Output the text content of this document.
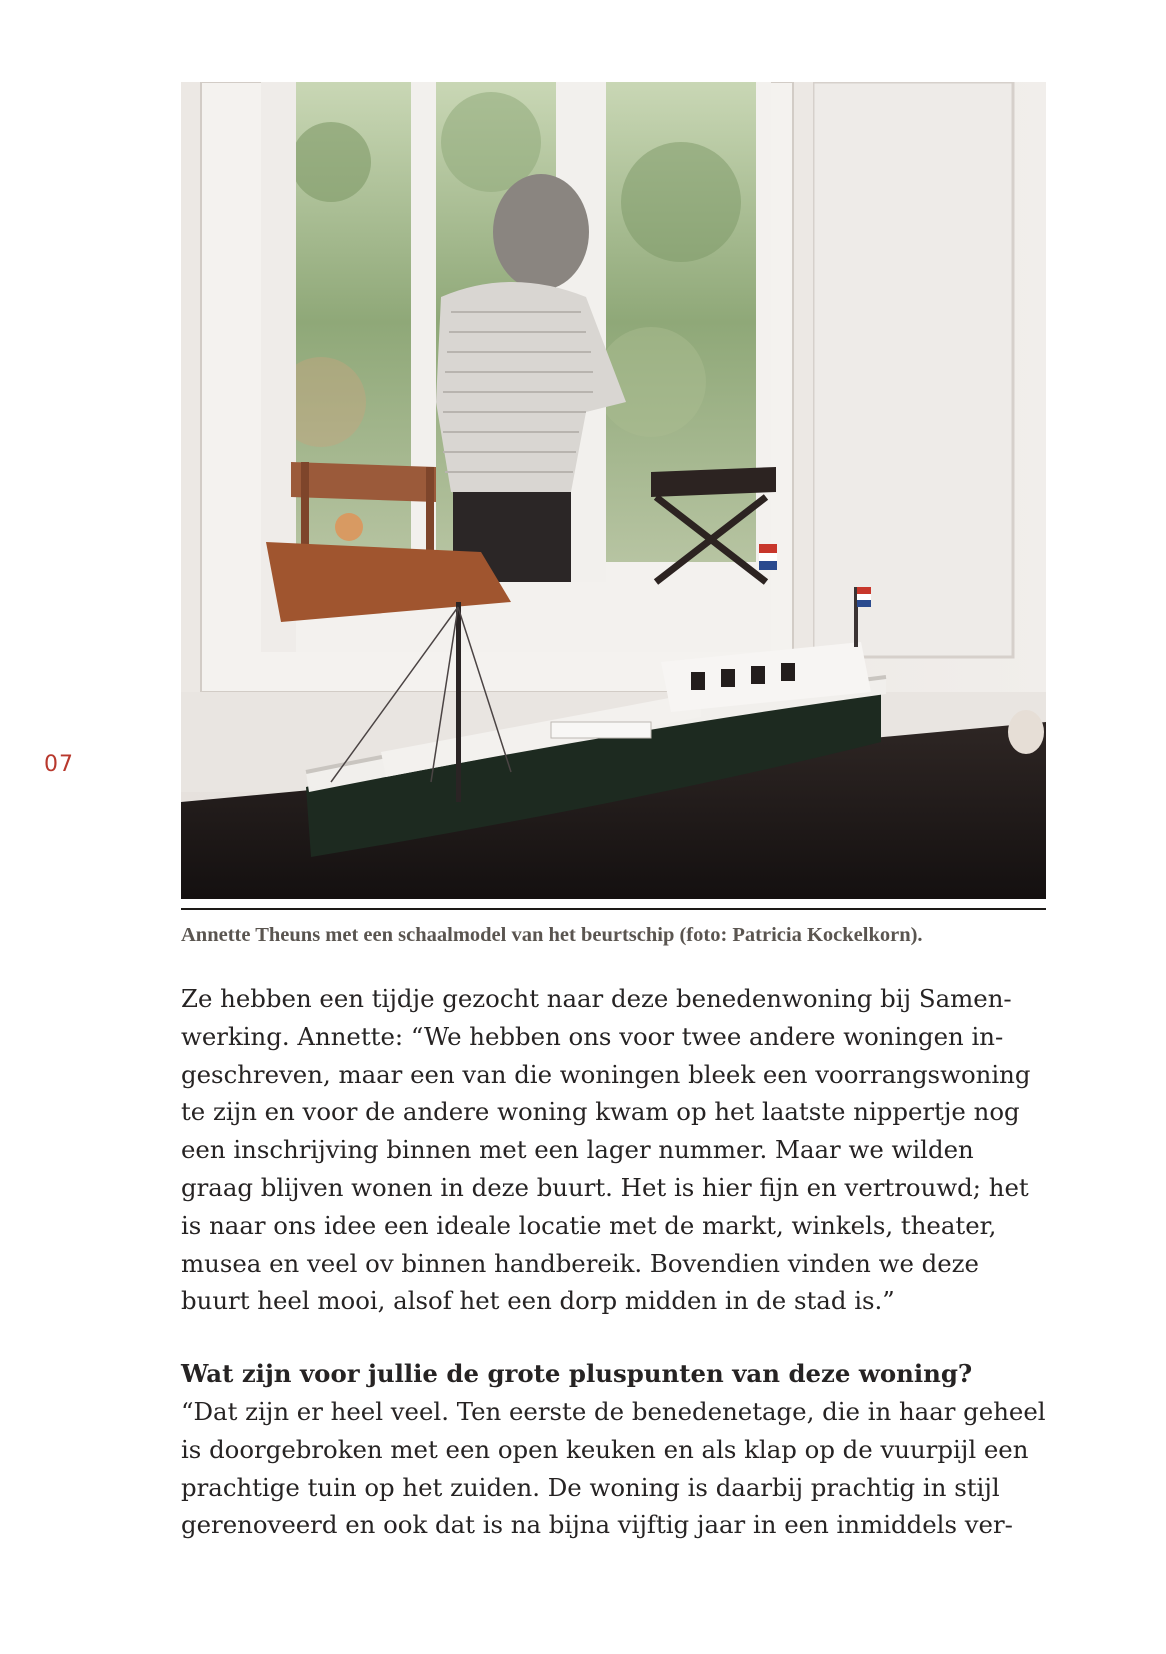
07
Annette Theuns met een schaalmodel van het beurtschip (foto: Patricia Kockelkorn).
Ze hebben een tijdje gezocht naar deze benedenwoning bij Samen-
werking. Annette: “We hebben ons voor twee andere woningen in-
geschreven, maar een van die woningen bleek een voorrangswoning
te zijn en voor de andere woning kwam op het laatste nippertje nog
een inschrijving binnen met een lager nummer. Maar we wilden
graag blijven wonen in deze buurt. Het is hier fijn en vertrouwd; het
is naar ons idee een ideale locatie met de markt, winkels, theater,
musea en veel ov binnen handbereik. Bovendien vinden we deze
buurt heel mooi, alsof het een dorp midden in de stad is.”
Wat zijn voor jullie de grote pluspunten van deze woning?
“Dat zijn er heel veel. Ten eerste de benedenetage, die in haar geheel
is doorgebroken met een open keuken en als klap op de vuurpijl een
prachtige tuin op het zuiden. De woning is daarbij prachtig in stijl
gerenoveerd en ook dat is na bijna vijftig jaar in een inmiddels ver-
